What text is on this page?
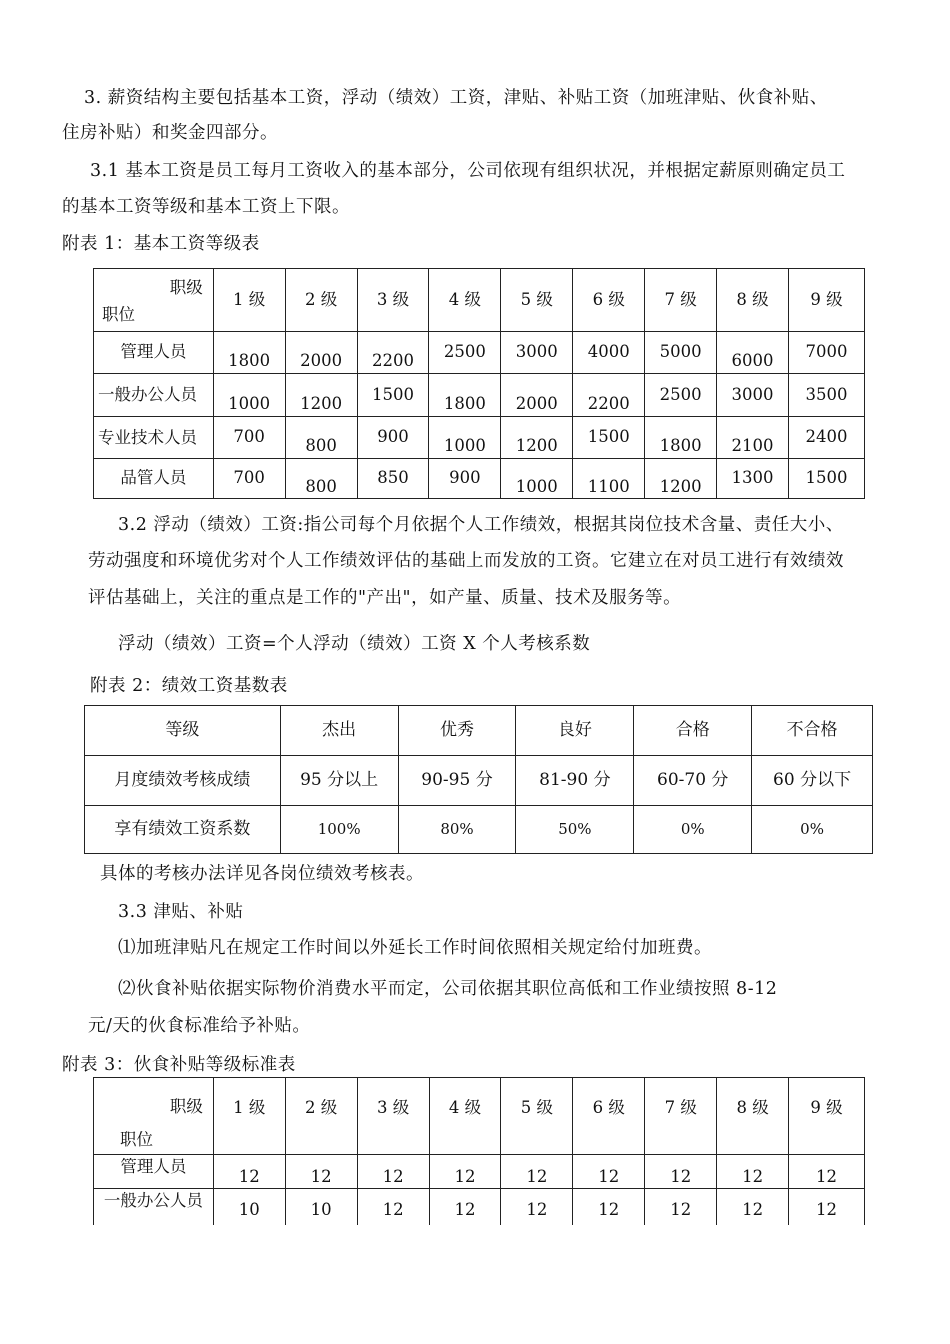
3. 薪资结构主要包括基本工资，浮动（绩效）工资，津贴、补贴工资（加班津贴、伙食补贴、
住房补贴）和奖金四部分。
3.1 基本工资是员工每月工资收入的基本部分，公司依现有组织状况，并根据定薪原则确定员工
的基本工资等级和基本工资上下限。
附表 1：基本工资等级表
职级
职位	1 级	2 级	3 级	4 级	5 级	6 级	7 级	8 级	9 级
管理人员	1800	2000	2200	2500	3000	4000	5000	6000	7000
一般办公人员	1000	1200	1500	1800	2000	2200	2500	3000	3500
专业技术人员	700	800	900	1000	1200	1500	1800	2100	2400
品管人员	700	800	850	900	1000	1100	1200	1300	1500
3.2 浮动（绩效）工资:指公司每个月依据个人工作绩效，根据其岗位技术含量、责任大小、
劳动强度和环境优劣对个人工作绩效评估的基础上而发放的工资。它建立在对员工进行有效绩效
评估基础上，关注的重点是工作的"产出"，如产量、质量、技术及服务等。
浮动（绩效）工资=个人浮动（绩效）工资 X 个人考核系数
附表 2：绩效工资基数表
等级	杰出	优秀	良好	合格	不合格
月度绩效考核成绩	95 分以上	90-95 分	81-90 分	60-70 分	60 分以下
享有绩效工资系数	100%	80%	50%	0%	0%
具体的考核办法详见各岗位绩效考核表。
3.3 津贴、补贴
⑴加班津贴凡在规定工作时间以外延长工作时间依照相关规定给付加班费。
⑵伙食补贴依据实际物价消费水平而定，公司依据其职位高低和工作业绩按照 8-12
元/天的伙食标准给予补贴。
附表 3：伙食补贴等级标准表
职级
职位	1 级	2 级	3 级	4 级	5 级	6 级	7 级	8 级	9 级
管理人员	12	12	12	12	12	12	12	12	12
一般办公人员	10	10	12	12	12	12	12	12	12
